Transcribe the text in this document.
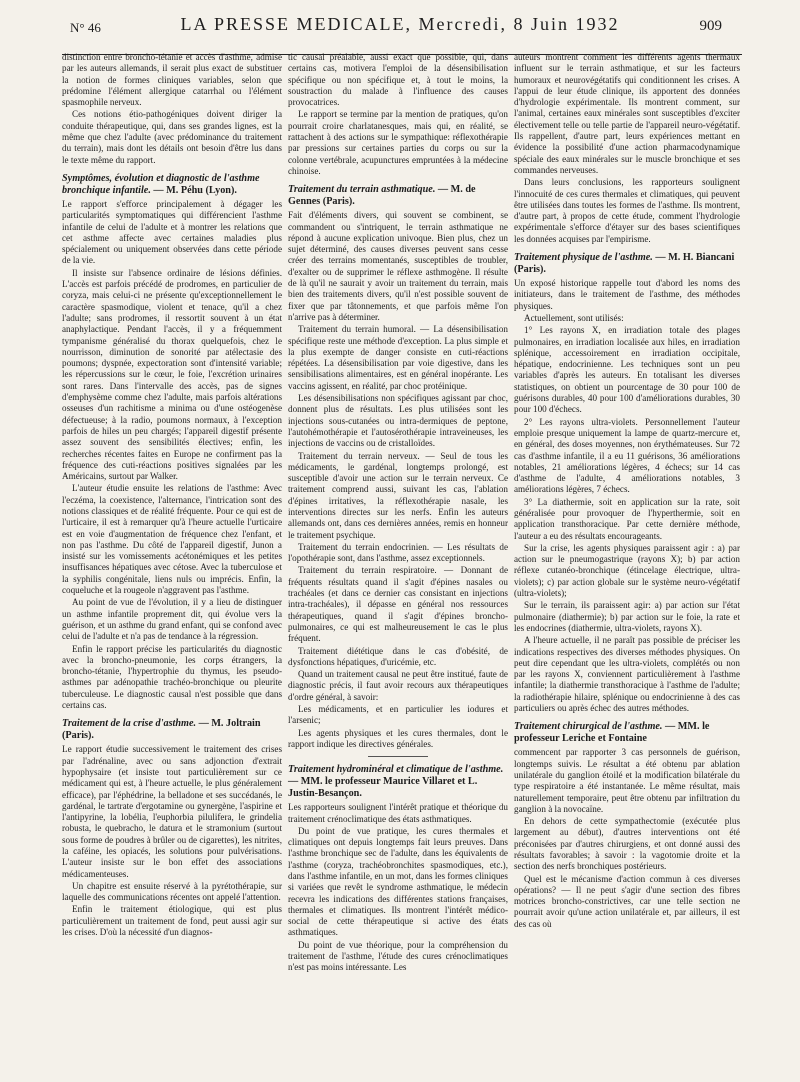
N° 46	LA PRESSE MEDICALE, Mercredi, 8 Juin 1932	909

distinction entre broncho-tétanie et accès d'asthme, admise par les auteurs allemands, il serait plus exact de substituer la notion de formes cliniques variables, selon que prédomine l'élément allergique catarrhal ou l'élément spasmophile nerveux.

Ces notions étio-pathogéniques doivent diriger la conduite thérapeutique, qui, dans ses grandes lignes, est la même que chez l'adulte (avec prédominance du traitement du terrain), mais dont les détails ont besoin d'être lus dans le texte même du rapport.

Symptômes, évolution et diagnostic de l'asthme bronchique infantile. — M. Péhu (Lyon).

Le rapport s'efforce principalement à dégager les particularités symptomatiques qui différencient l'asthme infantile de celui de l'adulte et à montrer les relations que cet asthme affecte avec certaines maladies plus spécialement ou uniquement observées dans cette période de la vie.

Il insiste sur l'absence ordinaire de lésions définies. L'accès est parfois précédé de prodromes, en particulier de coryza, mais celui-ci ne présente qu'exceptionnellement le caractère spasmodique, violent et tenace, qu'il a chez l'adulte; sans prodromes, il ressortit souvent à un état anaphylactique. Pendant l'accès, il y a fréquemment tympanisme généralisé du thorax quelquefois, chez le nourrisson, diminution de sonorité par atélectasie des poumons; dyspnée, expectoration sont d'intensité variable; les répercussions sur le cœur, le foie, l'excrétion urinaires sont rares. Dans l'intervalle des accès, pas de signes d'emphysème comme chez l'adulte, mais parfois altérations osseuses d'un rachitisme a minima ou d'une ostéogenèse défectueuse; à la radio, poumons normaux, à l'exception parfois de hiles un peu chargés; l'appareil digestif présente assez souvent des sensibilités électives; enfin, les recherches récentes faites en Europe ne confirment pas la fréquence des cuti-réactions positives signalées par les Américains, surtout par Walker.

L'auteur étudie ensuite les relations de l'asthme: Avec l'eczéma, la coexistence, l'alternance, l'intrication sont des notions classiques et de réalité fréquente. Pour ce qui est de l'urticaire, il est à remarquer qu'à l'heure actuelle l'urticaire est en voie d'augmentation de fréquence chez l'enfant, et non pas l'asthme. Du côté de l'appareil digestif, Junon a insisté sur les vomissements acétonémiques et les petites insuffisances hépatiques avec cétose. Avec la tuberculose et la syphilis congénitale, liens nuls ou imprécis. Enfin, la coqueluche et la rougeole n'aggravent pas l'asthme.

Au point de vue de l'évolution, il y a lieu de distinguer un asthme infantile proprement dit, qui évolue vers la guérison, et un asthme du grand enfant, qui se confond avec celui de l'adulte et n'a pas de tendance à la régression.

Enfin le rapport précise les particularités du diagnostic avec la broncho-pneumonie, les corps étrangers, la broncho-tétanie, l'hypertrophie du thymus, les pseudo-asthmes par adénopathie trachéo-bronchique ou pleurite tuberculeuse. Le diagnostic causal n'est possible que dans certains cas.

Traitement de la crise d'asthme. — M. Joltrain (Paris).

Le rapport étudie successivement le traitement des crises par l'adrénaline, avec ou sans adjonction d'extrait hypophysaire (et insiste tout particulièrement sur ce médicament qui est, à l'heure actuelle, le plus généralement efficace), par l'éphédrine, la belladone et ses succédanés, le gardénal, le tartrate d'ergotamine ou gynergène, l'aspirine et l'antipyrine, la lobélia, l'euphorbia pilulifera, le grindelia robusta, le quebracho, le datura et le stramonium (surtout sous forme de poudres à brûler ou de cigarettes), les nitrites, la caféine, les opiacés, les solutions pour pulvérisations. L'auteur insiste sur le bon effet des associations médicamenteuses.

Un chapitre est ensuite réservé à la pyrétothérapie, sur laquelle des communications récentes ont appelé l'attention.

Enfin le traitement étiologique, qui est plus particulièrement un traitement de fond, peut aussi agir sur les crises. D'où la nécessité d'un diagnos-

tic causal préalable, aussi exact que possible, qui, dans certains cas, motivera l'emploi de la désensibilisation spécifique ou non spécifique et, à tout le moins, la soustraction du malade à l'influence des causes provocatrices.

Le rapport se termine par la mention de pratiques, qu'on pourrait croire charlatanesques, mais qui, en réalité, se rattachent à des actions sur le sympathique: réflexothérapie par pressions sur certaines parties du corps ou sur la colonne vertébrale, acupunctures empruntées à la médecine chinoise.

Traitement du terrain asthmatique. — M. de Gennes (Paris).

Fait d'éléments divers, qui souvent se combinent, se commandent ou s'intriquent, le terrain asthmatique ne répond à aucune explication univoque. Bien plus, chez un sujet déterminé, des causes diverses peuvent sans cesse créer des terrains momentanés, susceptibles de troubler, d'exalter ou de supprimer le réflexe asthmogène. Il résulte de là qu'il ne saurait y avoir un traitement du terrain, mais bien des traitements divers, qu'il n'est possible souvent de fixer que par tâtonnements, et que parfois même l'on n'arrive pas à déterminer.

Traitement du terrain humoral. — La désensibilisation spécifique reste une méthode d'exception. La plus simple et la plus exempte de danger consiste en cuti-réactions répétées. La désensibilisation par voie digestive, dans les sensibilisations alimentaires, est en général inopérante. Les vaccins agissent, en réalité, par choc protéinique.

Les désensibilisations non spécifiques agissant par choc, donnent plus de résultats. Les plus utilisées sont les injections sous-cutanées ou intra-dermiques de peptone, l'autohémothérapie et l'autosérothérapie intraveineuses, les injections de vaccins ou de cristalloïdes.

Traitement du terrain nerveux. — Seul de tous les médicaments, le gardénal, longtemps prolongé, est susceptible d'avoir une action sur le terrain nerveux. Ce traitement comprend aussi, suivant les cas, l'ablation d'épines irritatives, la réflexothérapie nasale, les interventions directes sur les nerfs. Enfin les auteurs allemands ont, dans ces dernières années, remis en honneur le traitement psychique.

Traitement du terrain endocrinien. — Les résultats de l'opothérapie sont, dans l'asthme, assez exceptionnels.

Traitement du terrain respiratoire. — Donnant de fréquents résultats quand il s'agit d'épines nasales ou trachéales (et dans ce dernier cas consistant en injections intra-trachéales), il dépasse en général nos ressources thérapeutiques, quand il s'agit d'épines broncho-pulmonaires, ce qui est malheureusement le cas le plus fréquent.

Traitement diététique dans le cas d'obésité, de dysfonctions hépatiques, d'uricémie, etc.

Quand un traitement causal ne peut être institué, faute de diagnostic précis, il faut avoir recours aux thérapeutiques d'ordre général, à savoir:

Les médicaments, et en particulier les iodures et l'arsenic;

Les agents physiques et les cures thermales, dont le rapport indique les directives générales.

Traitement hydrominéral et climatique de l'asthme. — MM. le professeur Maurice Villaret et L. Justin-Besançon.

Les rapporteurs soulignent l'intérêt pratique et théorique du traitement crénoclimatique des états asthmatiques.

Du point de vue pratique, les cures thermales et climatiques ont depuis longtemps fait leurs preuves. Dans l'asthme bronchique sec de l'adulte, dans les équivalents de l'asthme (coryza, trachéobronchites spasmodiques, etc.), dans l'asthme infantile, en un mot, dans les formes cliniques si variées que revêt le syndrome asthmatique, le médecin recevra les indications des différentes stations françaises, thermales et climatiques. Ils montrent l'intérêt médico-social de cette thérapeutique si active des états asthmatiques.

Du point de vue théorique, pour la compréhension du traitement de l'asthme, l'étude des cures crénoclimatiques n'est pas moins intéressante. Les

auteurs montrent comment les différents agents thermaux influent sur le terrain asthmatique, et sur les facteurs humoraux et neurovégétatifs qui conditionnent les crises. A l'appui de leur étude clinique, ils apportent des données d'hydrologie expérimentale. Ils montrent comment, sur l'animal, certaines eaux minérales sont susceptibles d'exciter électivement telle ou telle partie de l'appareil neuro-végétatif. Ils rappellent, d'autre part, leurs expériences mettant en évidence la possibilité d'une action pharmacodynamique spéciale des eaux minérales sur le muscle bronchique et ses commandes nerveuses.

Dans leurs conclusions, les rapporteurs soulignent l'innocuité de ces cures thermales et climatiques, qui peuvent être utilisées dans toutes les formes de l'asthme. Ils montrent, d'autre part, à propos de cette étude, comment l'hydrologie expérimentale s'efforce d'étayer sur des bases scientifiques les données acquises par l'empirisme.

Traitement physique de l'asthme. — M. H. Biancani (Paris).

Un exposé historique rappelle tout d'abord les noms des initiateurs, dans le traitement de l'asthme, des méthodes physiques.

Actuellement, sont utilisés:

1° Les rayons X, en irradiation totale des plages pulmonaires, en irradiation localisée aux hiles, en irradiation splénique, accessoirement en irradiation occipitale, hépatique, endocrinienne. Les techniques sont un peu variables d'après les auteurs. En totalisant les diverses statistiques, on obtient un pourcentage de 30 pour 100 de guérisons durables, 40 pour 100 d'améliorations durables, 30 pour 100 d'échecs.

2° Les rayons ultra-violets. Personnellement l'auteur emploie presque uniquement la lampe de quartz-mercure et, en général, des doses moyennes, non érythémateuses. Sur 72 cas d'asthme infantile, il a eu 11 guérisons, 36 améliorations notables, 21 améliorations légères, 4 échecs; sur 14 cas d'asthme de l'adulte, 4 améliorations notables, 3 améliorations légères, 7 échecs.

3° La diathermie, soit en application sur la rate, soit généralisée pour provoquer de l'hyperthermie, soit en application transthoracique. Par cette dernière méthode, l'auteur a eu des résultats encourageants.

Sur la crise, les agents physiques paraissent agir : a) par action sur le pneumogastrique (rayons X); b) par action réflexe cutanéo-bronchique (étincelage électrique, ultra-violets); c) par action globale sur le système neuro-végétatif (ultra-violets);

Sur le terrain, ils paraissent agir: a) par action sur l'état pulmonaire (diathermie); b) par action sur le foie, la rate et les endocrines (diathermie, ultra-violets, rayons X).

A l'heure actuelle, il ne paraît pas possible de préciser les indications respectives des diverses méthodes physiques. On peut dire cependant que les ultra-violets, complétés ou non par les rayons X, conviennent particulièrement à l'asthme infantile; la diathermie transthoracique à l'asthme de l'adulte; la radiothérapie hilaire, splénique ou endocrinienne à des cas particuliers ou après échec des autres méthodes.

Traitement chirurgical de l'asthme. — MM. le professeur Leriche et Fontaine

commencent par rapporter 3 cas personnels de guérison, longtemps suivis. Le résultat a été obtenu par ablation unilatérale du ganglion étoilé et la modification bilatérale du type respiratoire a été instantanée. Le même résultat, mais naturellement temporaire, peut être obtenu par infiltration du ganglion à la novocaïne.

En dehors de cette sympathectomie (exécutée plus largement au début), d'autres interventions ont été préconisées par d'autres chirurgiens, et ont donné aussi des résultats favorables; à savoir : la vagotomie droite et la section des nerfs bronchiques postérieurs.

Quel est le mécanisme d'action commun à ces diverses opérations? — Il ne peut s'agir d'une section des fibres motrices broncho-constrictives, car une telle section ne pourrait avoir qu'une action unilatérale et, par ailleurs, il est des cas où
